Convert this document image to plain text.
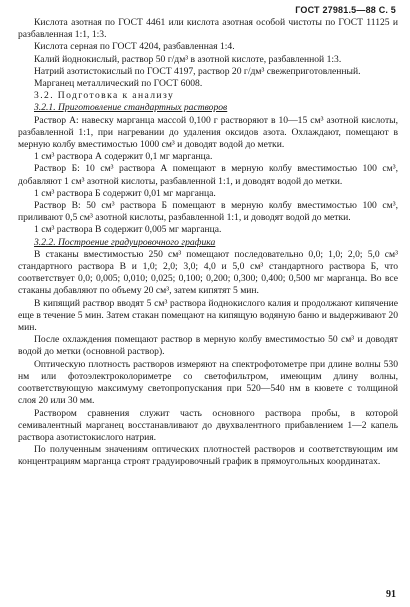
ГОСТ 27981.5—88 С. 5

Кислота азотная по ГОСТ 4461 или кислота азотная особой чистоты по ГОСТ 11125 и разбавленная 1:1, 1:3.

Кислота серная по ГОСТ 4204, разбавленная 1:4.

Калий йоднокислый, раствор 50 г/дм³ в азотной кислоте, разбавленной 1:3.

Натрий азотистокислый по ГОСТ 4197, раствор 20 г/дм³ свежеприготовленный.

Марганец металлический по ГОСТ 6008.

3.2. Подготовка к анализу

3.2.1. Приготовление стандартных растворов

Раствор А: навеску марганца массой 0,100 г растворяют в 10—15 см³ азотной кислоты, разбавленной 1:1, при нагревании до удаления оксидов азота. Охлаждают, помещают в мерную колбу вместимостью 1000 см³ и доводят водой до метки.

1 см³ раствора А содержит 0,1 мг марганца.

Раствор Б: 10 см³ раствора А помещают в мерную колбу вместимостью 100 см³, добавляют 1 см³ азотной кислоты, разбавленной 1:1, и доводят водой до метки.

1 см³ раствора Б содержит 0,01 мг марганца.

Раствор В: 50 см³ раствора Б помещают в мерную колбу вместимостью 100 см³, приливают 0,5 см³ азотной кислоты, разбавленной 1:1, и доводят водой до метки.

1 см³ раствора В содержит 0,005 мг марганца.

3.2.2. Построение градуировочного графика

В стаканы вместимостью 250 см³ помещают последовательно 0,0; 1,0; 2,0; 5,0 см³ стандартного раствора В и 1,0; 2,0; 3,0; 4,0 и 5,0 см³ стандартного раствора Б, что соответствует 0,0; 0,005; 0,010; 0,025; 0,100; 0,200; 0,300; 0,400; 0,500 мг марганца. Во все стаканы добавляют по объему 20 см³, затем кипятят 5 мин.

В кипящий раствор вводят 5 см³ раствора йоднокислого калия и продолжают кипячение еще в течение 5 мин. Затем стакан помещают на кипящую водяную баню и выдерживают 20 мин.

После охлаждения помещают раствор в мерную колбу вместимостью 50 см³ и доводят водой до метки (основной раствор).

Оптическую плотность растворов измеряют на спектрофотометре при длине волны 530 нм или фотоэлектроколориметре со светофильтром, имеющим длину волны, соответствующую максимуму светопропускания при 520—540 нм в кювете с толщиной слоя 20 или 30 мм.

Раствором сравнения служит часть основного раствора пробы, в которой семивалентный марганец восстанавливают до двухвалентного прибавлением 1—2 капель раствора азотистокислого натрия.

По полученным значениям оптических плотностей растворов и соответствующим им концентрациям марганца строят градуировочный график в прямоугольных координатах.

91
